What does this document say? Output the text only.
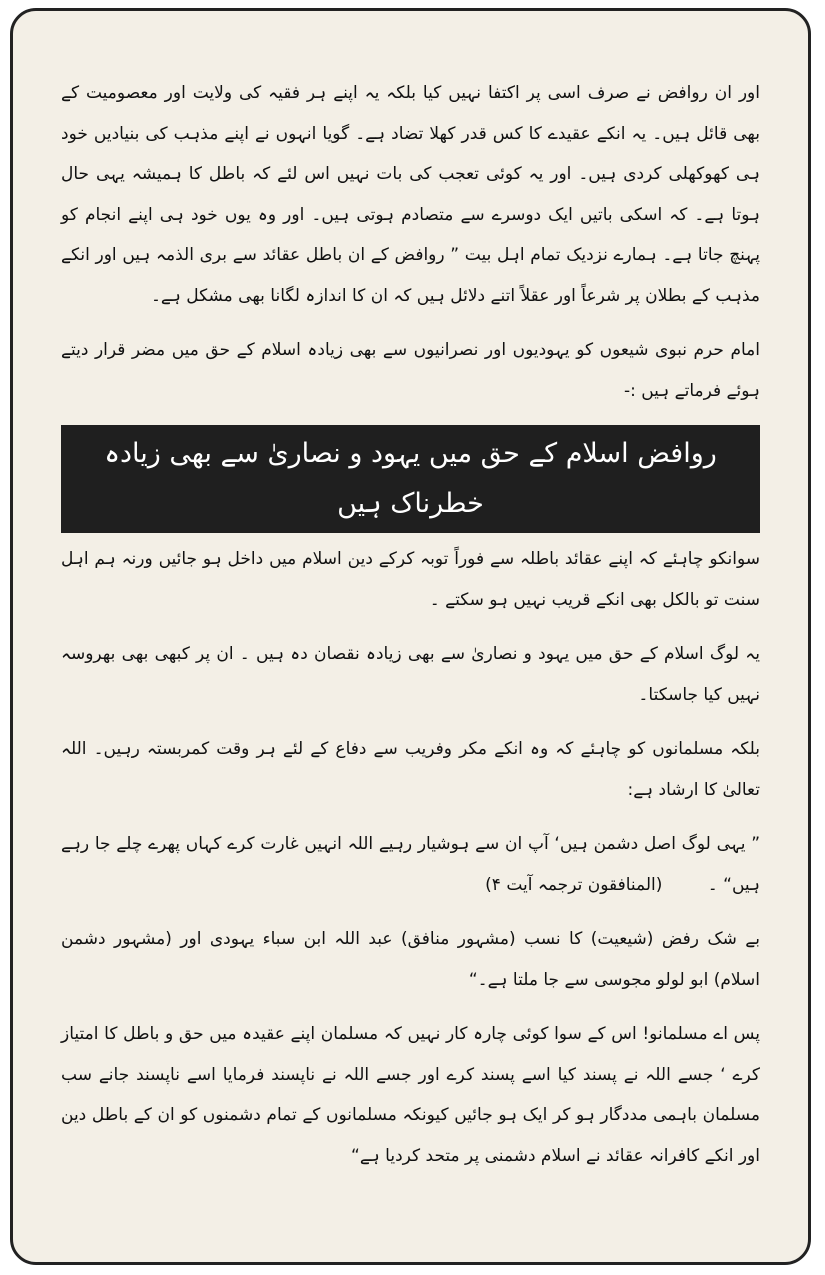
اور ان روافض نے صرف اسی پر اکتفا نہیں کیا بلکہ یہ اپنے ہر فقیہ کی ولایت اور معصومیت کے بھی قائل ہیں۔ یہ انکے عقیدے کا کس قدر کھلا تضاد ہے۔ گویا انہوں نے اپنے مذہب کی بنیادیں خود ہی کھوکھلی کردی ہیں۔ اور یہ کوئی تعجب کی بات نہیں اس لئے کہ باطل کا ہمیشہ یہی حال ہوتا ہے۔ کہ اسکی باتیں ایک دوسرے سے متصادم ہوتی ہیں۔ اور وہ یوں خود ہی اپنے انجام کو پہنچ جاتا ہے۔ ہمارے نزدیک تمام اہل بیت ” روافض کے ان باطل عقائد سے بری الذمہ ہیں اور انکے مذہب کے بطلان پر شرعاً اور عقلاً اتنے دلائل ہیں کہ ان کا اندازہ لگانا بھی مشکل ہے۔

امام حرم نبوی شیعوں کو یہودیوں اور نصرانیوں سے بھی زیادہ اسلام کے حق میں مضر قرار دیتے ہوئے فرماتے ہیں :-

روافض اسلام کے حق میں یہود و نصاریٰ سے بھی زیادہ خطرناک ہیں

سوانکو چاہئے کہ اپنے عقائد باطلہ سے فوراً توبہ کرکے دین اسلام میں داخل ہو جائیں ورنہ ہم اہل سنت تو بالکل بھی انکے قریب نہیں ہو سکتے ۔

یہ لوگ اسلام کے حق میں یہود و نصاریٰ سے بھی زیادہ نقصان دہ ہیں ۔ ان پر کبھی بھی بھروسہ نہیں کیا جاسکتا۔

بلکہ مسلمانوں کو چاہئے کہ وہ انکے مکر وفریب سے دفاع کے لئے ہر وقت کمربستہ رہیں۔ اللہ تعالیٰ کا ارشاد ہے:

” یہی لوگ اصل دشمن ہیں‘ آپ ان سے ہوشیار رہیے اللہ انہیں غارت کرے کہاں پھرے چلے جا رہے ہیں“ ۔ (المنافقون ترجمہ آیت ۴)

بے شک رفض (شیعیت) کا نسب (مشہور منافق) عبد اللہ ابن سباء یہودی اور (مشہور دشمن اسلام) ابو لولو مجوسی سے جا ملتا ہے۔“

پس اے مسلمانو! اس کے سوا کوئی چارہ کار نہیں کہ مسلمان اپنے عقیدہ میں حق و باطل کا امتیاز کرے ‘ جسے اللہ نے پسند کیا اسے پسند کرے اور جسے اللہ نے ناپسند فرمایا اسے ناپسند جانے سب مسلمان باہمی مددگار ہو کر ایک ہو جائیں کیونکہ مسلمانوں کے تمام دشمنوں کو ان کے باطل دین اور انکے کافرانہ عقائد نے اسلام دشمنی پر متحد کردیا ہے“
